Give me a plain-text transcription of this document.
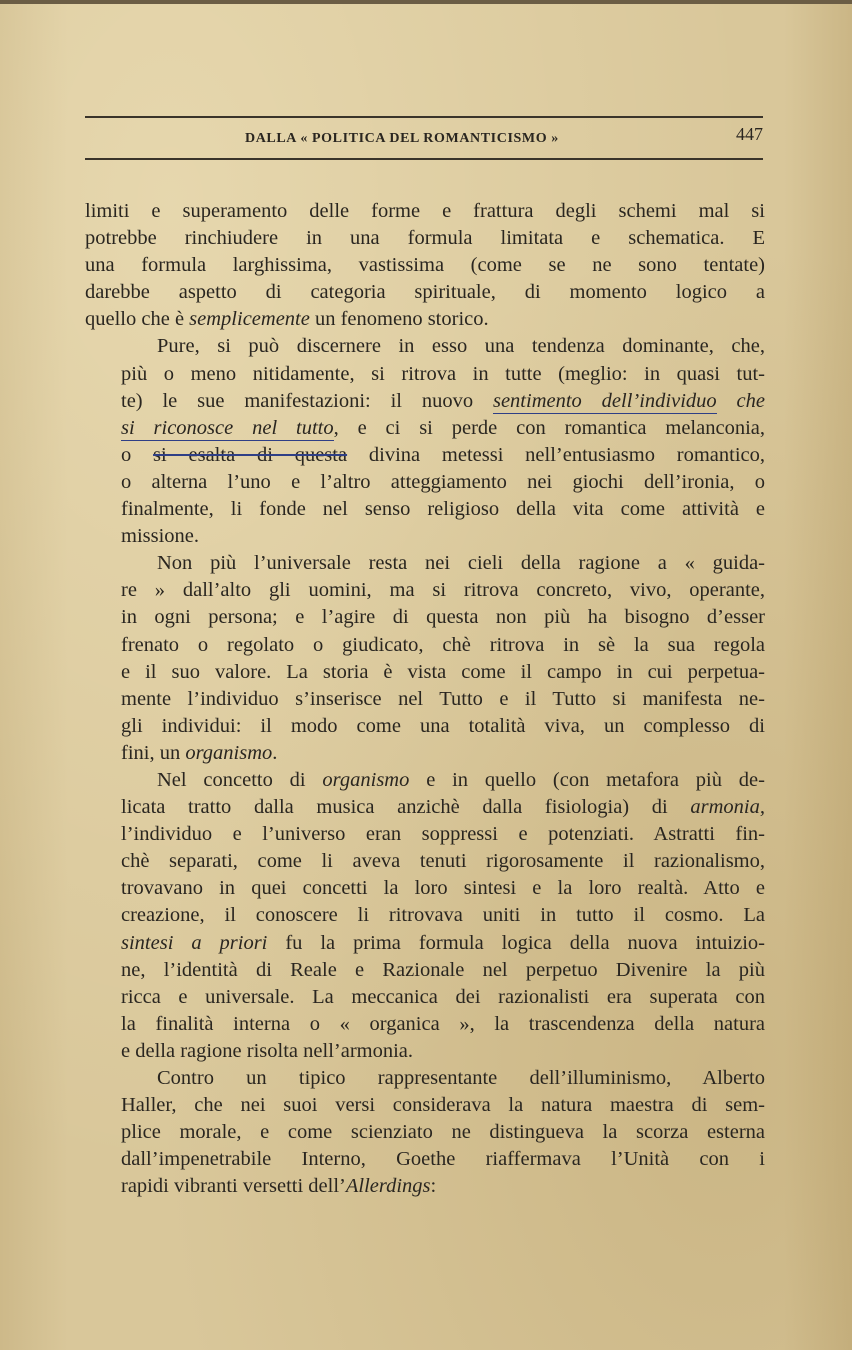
DALLA « POLITICA DEL ROMANTICISMO »	447

limiti e superamento delle forme e frattura degli schemi mal si
potrebbe rinchiudere in una formula limitata e schematica. E
una formula larghissima, vastissima (come se ne sono tentate)
darebbe aspetto di categoria spirituale, di momento logico a
quello che è semplicemente un fenomeno storico.

Pure, si può discernere in esso una tendenza dominante, che,
più o meno nitidamente, si ritrova in tutte (meglio: in quasi tut-
te) le sue manifestazioni: il nuovo sentimento dell’individuo che
si riconosce nel tutto, e ci si perde con romantica melanconia,
o si esalta di questa divina metessi nell’entusiasmo romantico,
o alterna l’uno e l’altro atteggiamento nei giochi dell’ironia, o
finalmente, li fonde nel senso religioso della vita come attività e
missione.

Non più l’universale resta nei cieli della ragione a « guida-
re » dall’alto gli uomini, ma si ritrova concreto, vivo, operante,
in ogni persona; e l’agire di questa non più ha bisogno d’esser
frenato o regolato o giudicato, chè ritrova in sè la sua regola
e il suo valore. La storia è vista come il campo in cui perpetua-
mente l’individuo s’inserisce nel Tutto e il Tutto si manifesta ne-
gli individui: il modo come una totalità viva, un complesso di
fini, un organismo.

Nel concetto di organismo e in quello (con metafora più de-
licata tratto dalla musica anzichè dalla fisiologia) di armonia,
l’individuo e l’universo eran soppressi e potenziati. Astratti fin-
chè separati, come li aveva tenuti rigorosamente il razionalismo,
trovavano in quei concetti la loro sintesi e la loro realtà. Atto e
creazione, il conoscere li ritrovava uniti in tutto il cosmo. La
sintesi a priori fu la prima formula logica della nuova intuizio-
ne, l’identità di Reale e Razionale nel perpetuo Divenire la più
ricca e universale. La meccanica dei razionalisti era superata con
la finalità interna o « organica », la trascendenza della natura
e della ragione risolta nell’armonia.

Contro un tipico rappresentante dell’illuminismo, Alberto
Haller, che nei suoi versi considerava la natura maestra di sem-
plice morale, e come scienziato ne distingueva la scorza esterna
dall’impenetrabile Interno, Goethe riaffermava l’Unità con i
rapidi vibranti versetti dell’Allerdings:
